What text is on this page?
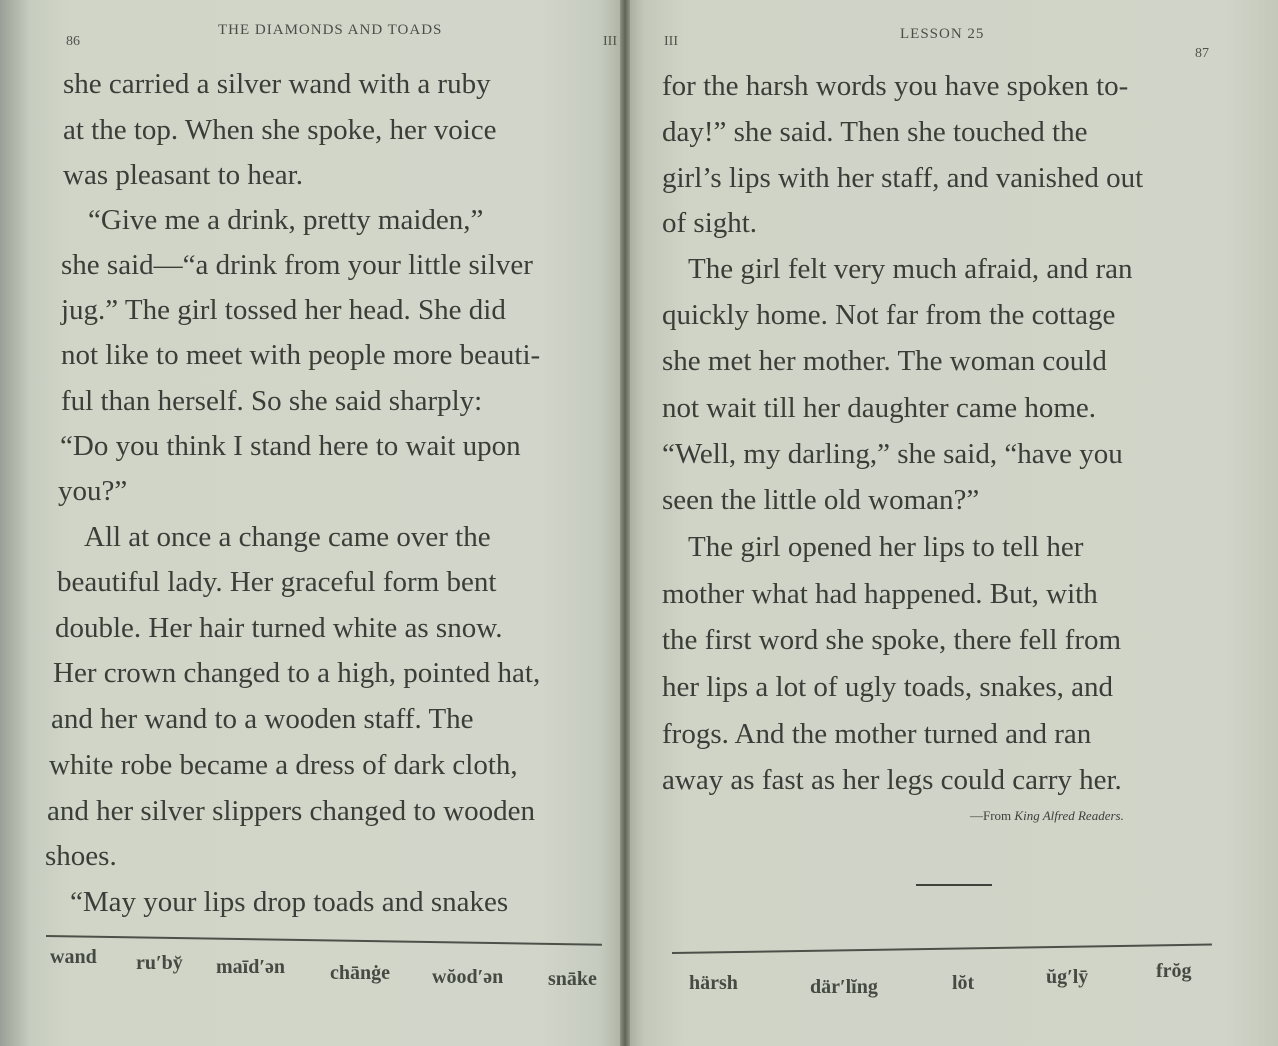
86
THE DIAMONDS AND TOADS
III
she carried a silver wand with a ruby
at the top. When she spoke, her voice
was pleasant to hear.
“Give me a drink, pretty maiden,”
she said—“a drink from your little silver
jug.” The girl tossed her head. She did
not like to meet with people more beauti-
ful than herself. So she said sharply:
“Do you think I stand here to wait upon
you?”
All at once a change came over the
beautiful lady. Her graceful form bent
double. Her hair turned white as snow.
Her crown changed to a high, pointed hat,
and her wand to a wooden staff. The
white robe became a dress of dark cloth,
and her silver slippers changed to wooden
shoes.
“May your lips drop toads and snakes
wand ru′by̆ maīd′ən chānġe wŏod′ən snāke
III	LESSON 25
87
for the harsh words you have spoken to-
day!” she said. Then she touched the
girl’s lips with her staff, and vanished out
of sight.
The girl felt very much afraid, and ran
quickly home. Not far from the cottage
she met her mother. The woman could
not wait till her daughter came home.
“Well, my darling,” she said, “have you
seen the little old woman?”
The girl opened her lips to tell her
mother what had happened. But, with
the first word she spoke, there fell from
her lips a lot of ugly toads, snakes, and
frogs. And the mother turned and ran
away as fast as her legs could carry her.
—From King Alfred Readers.
härsh	där′lĭng	lŏt	ŭg′lȳ	frŏg
